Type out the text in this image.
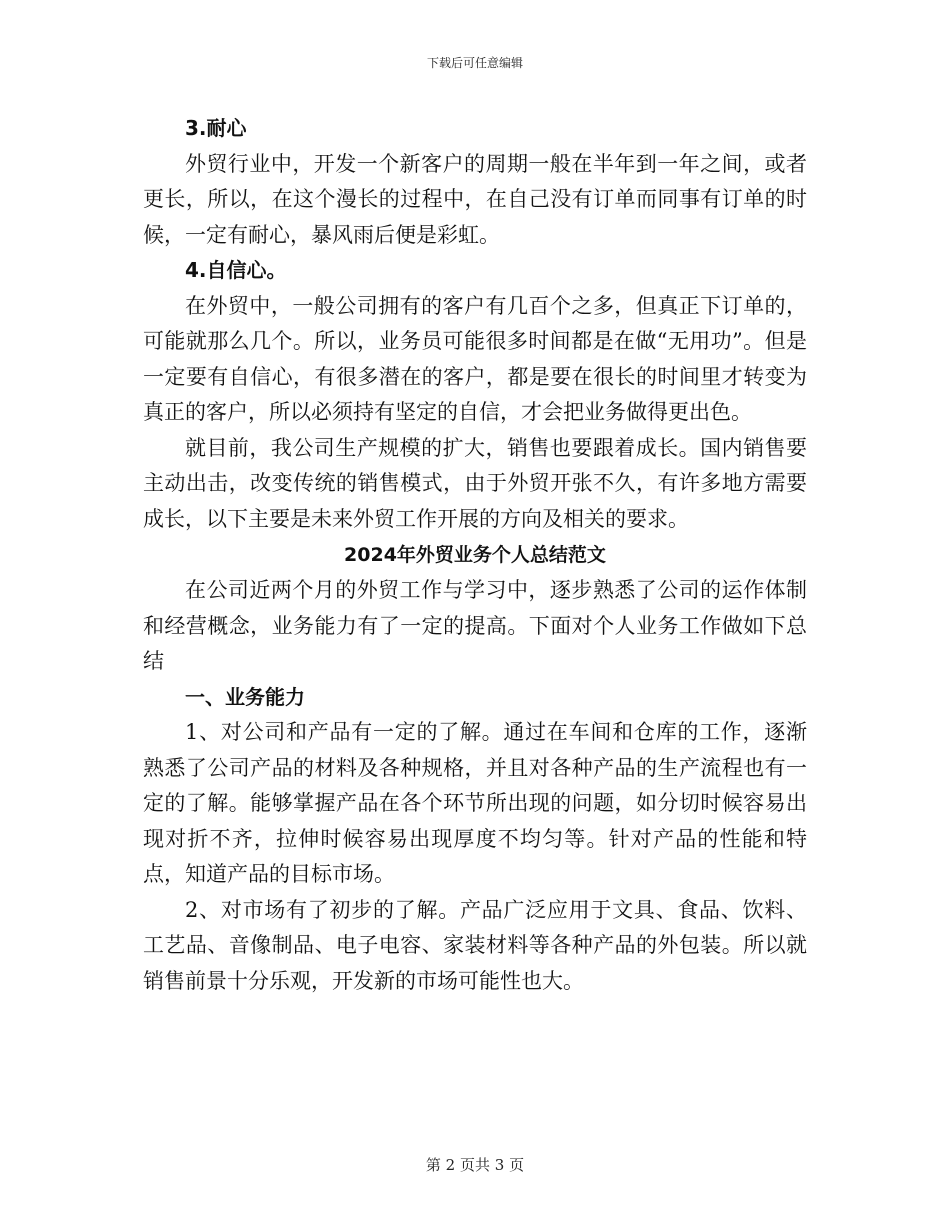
下载后可任意编辑

3.耐心

外贸行业中，开发一个新客户的周期一般在半年到一年之间，或者更长，所以，在这个漫长的过程中，在自己没有订单而同事有订单的时候，一定有耐心，暴风雨后便是彩虹。

4.自信心。

在外贸中，一般公司拥有的客户有几百个之多，但真正下订单的，可能就那么几个。所以，业务员可能很多时间都是在做“无用功”。但是一定要有自信心，有很多潜在的客户，都是要在很长的时间里才转变为真正的客户，所以必须持有坚定的自信，才会把业务做得更出色。

就目前，我公司生产规模的扩大，销售也要跟着成长。国内销售要主动出击，改变传统的销售模式，由于外贸开张不久，有许多地方需要成长，以下主要是未来外贸工作开展的方向及相关的要求。

2024年外贸业务个人总结范文

在公司近两个月的外贸工作与学习中，逐步熟悉了公司的运作体制和经营概念，业务能力有了一定的提高。下面对个人业务工作做如下总结

一、业务能力

1、对公司和产品有一定的了解。通过在车间和仓库的工作，逐渐熟悉了公司产品的材料及各种规格，并且对各种产品的生产流程也有一定的了解。能够掌握产品在各个环节所出现的问题，如分切时候容易出现对折不齐，拉伸时候容易出现厚度不均匀等。针对产品的性能和特点，知道产品的目标市场。

2、对市场有了初步的了解。产品广泛应用于文具、食品、饮料、工艺品、音像制品、电子电容、家装材料等各种产品的外包装。所以就销售前景十分乐观，开发新的市场可能性也大。

第 2 页共 3 页
